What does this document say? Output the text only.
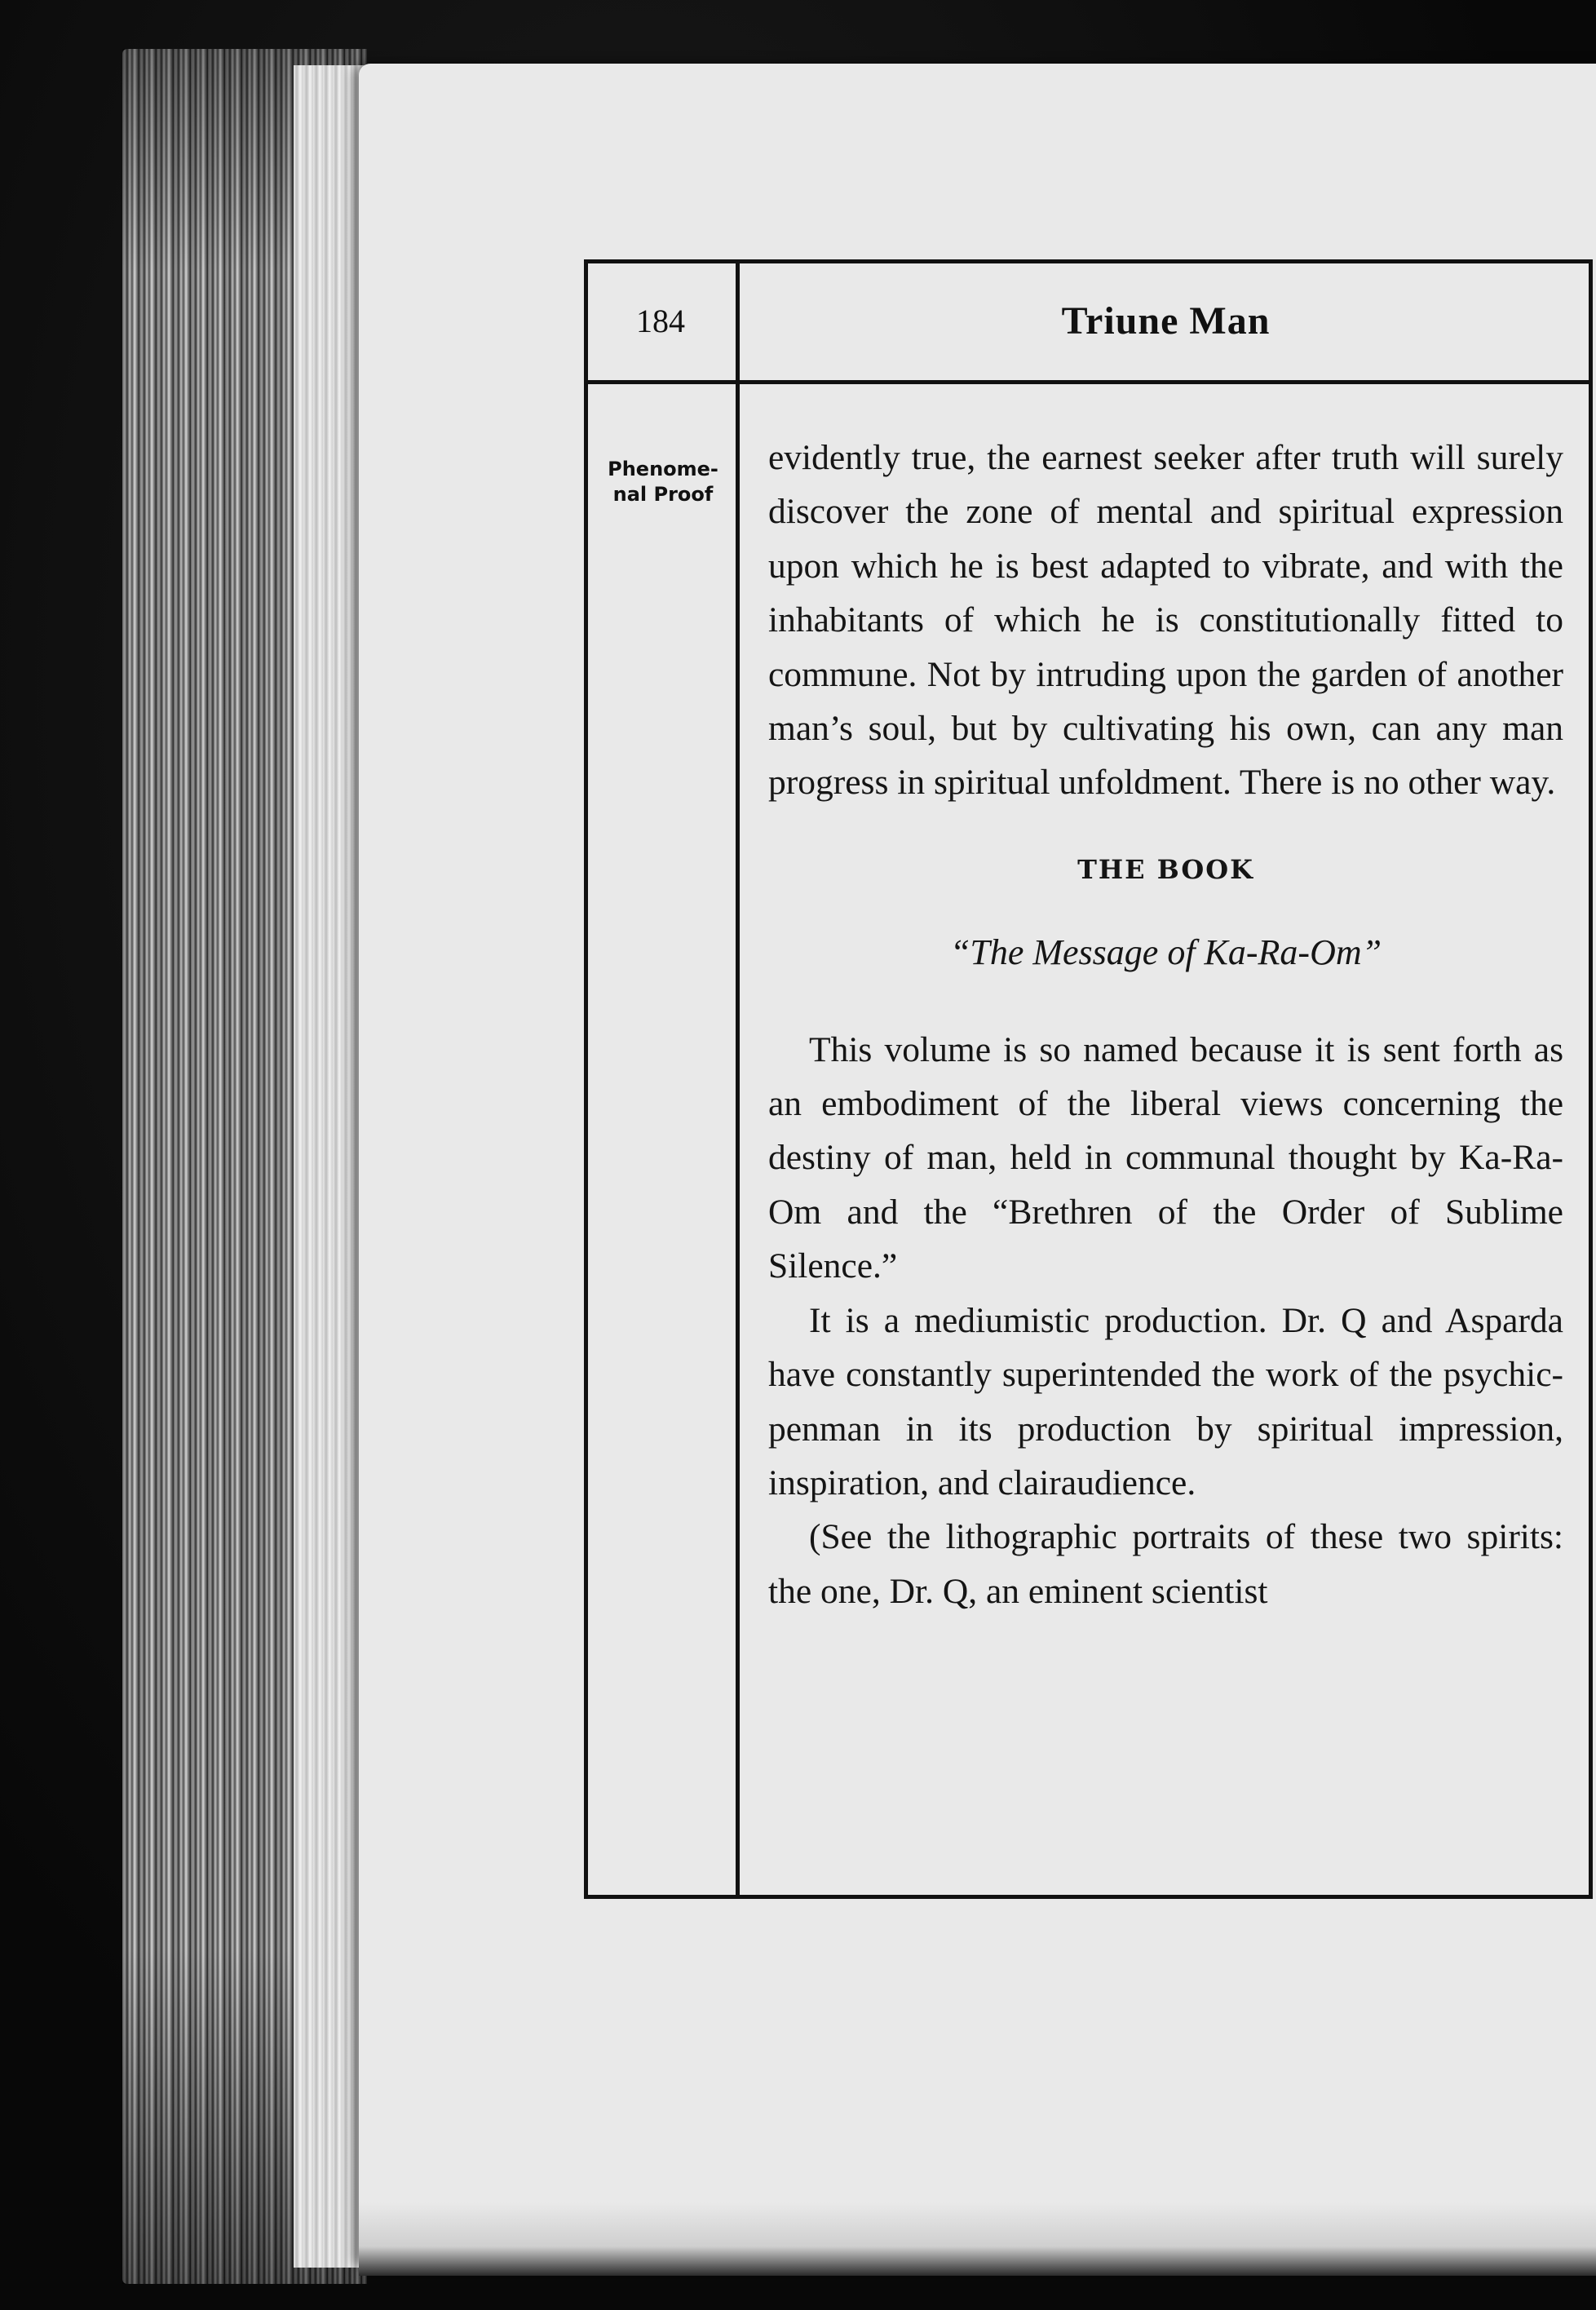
184	Triune Man
Phenome-
nal Proof

evidently true, the earnest seeker after truth will surely discover the zone of mental and spiritual expression upon which he is best adapted to vibrate, and with the inhabitants of which he is constitutionally fitted to commune. Not by intruding upon the garden of another man’s soul, but by cultivating his own, can any man progress in spiritual unfoldment. There is no other way.

THE BOOK

“The Message of Ka-Ra-Om”

This volume is so named because it is sent forth as an embodiment of the liberal views concerning the destiny of man, held in communal thought by Ka-Ra-Om and the “Brethren of the Order of Sublime Silence.”

It is a mediumistic production. Dr. Q and Asparda have constantly superintended the work of the psychic-penman in its production by spiritual impression, inspiration, and clairaudience.

(See the lithographic portraits of these two spirits: the one, Dr. Q, an eminent scientist
